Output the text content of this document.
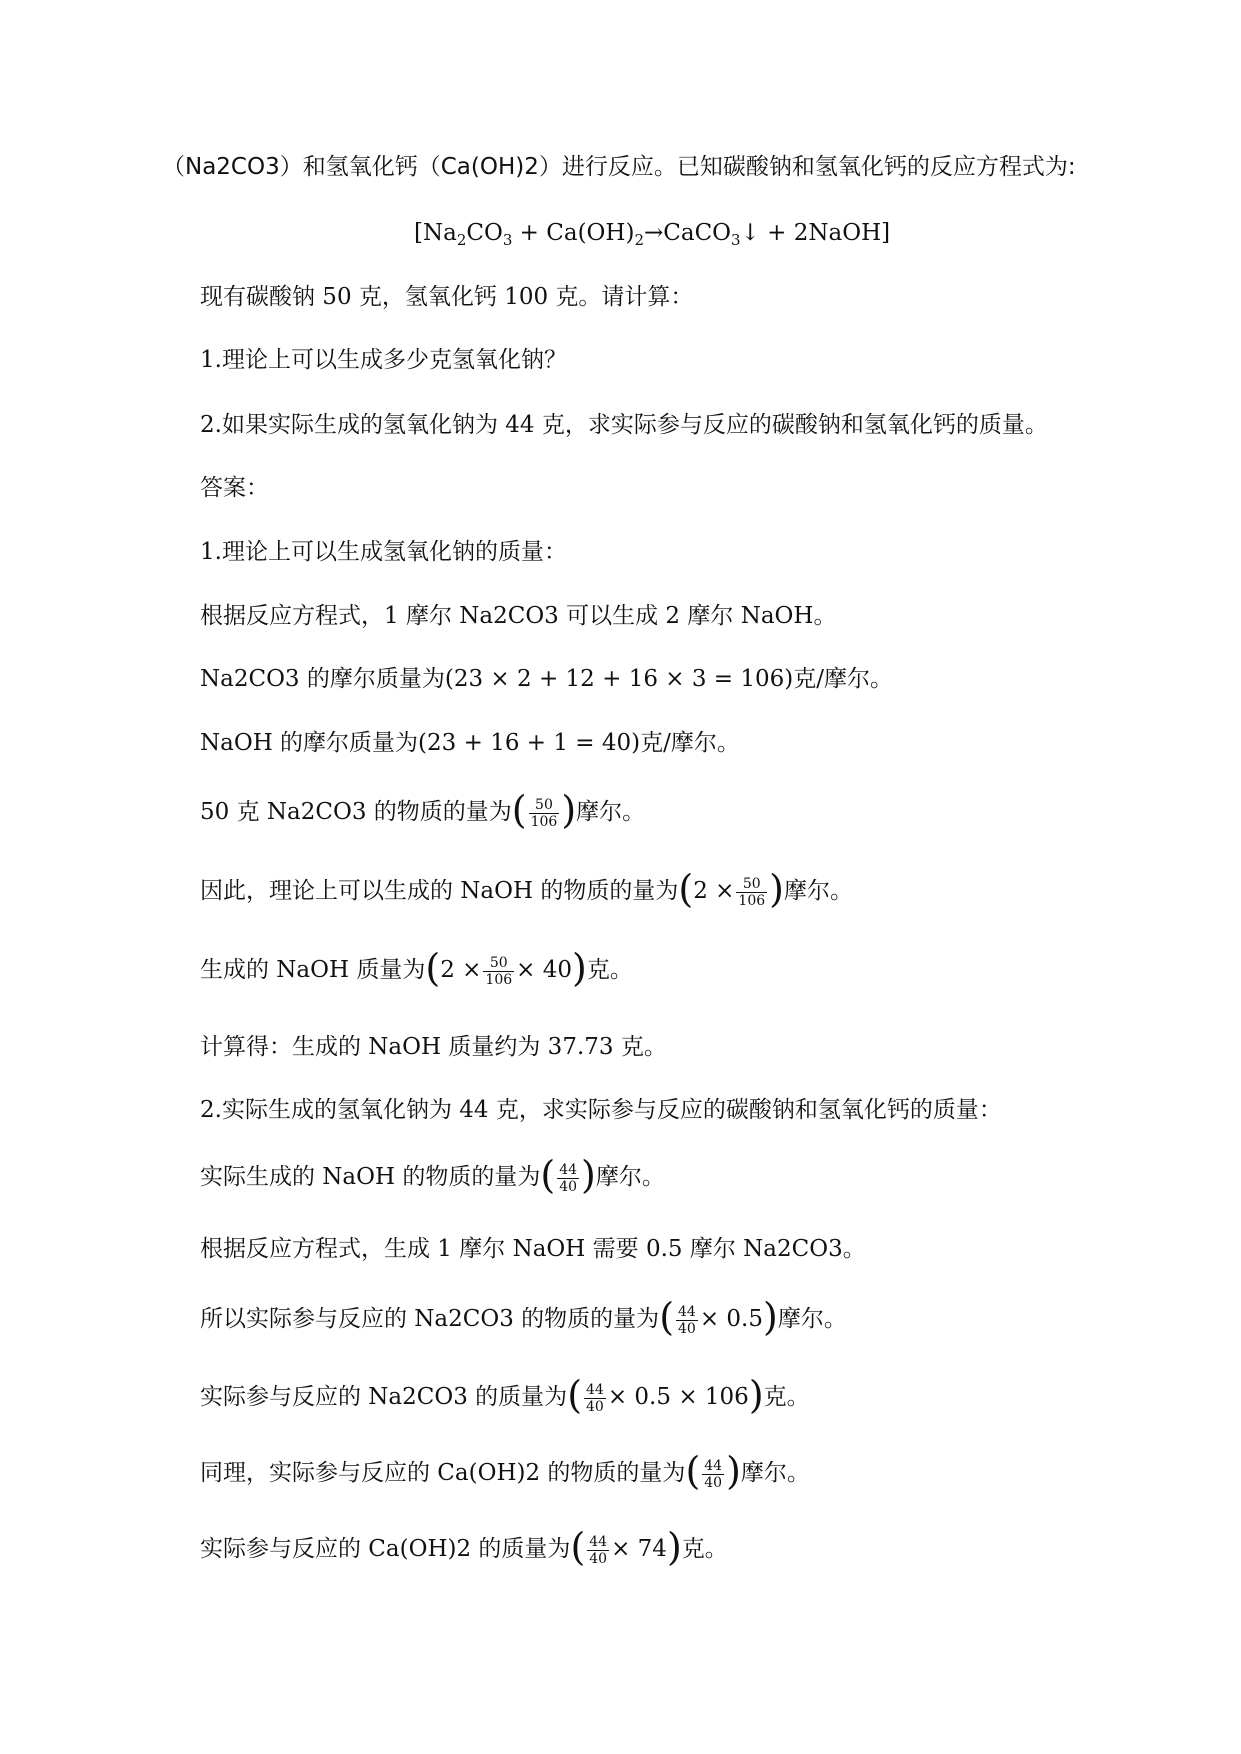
（Na2CO3）和氢氧化钙（Ca(OH)2）进行反应。已知碳酸钠和氢氧化钙的反应方程式为:
[$Na_2CO_3$ + $Ca(OH)_2\to CaCO_3↓$ + 2NaOH]
现有碳酸钠 50 克，氢氧化钙 100 克。请计算：
1.理论上可以生成多少克氢氧化钠？
2.如果实际生成的氢氧化钠为 44 克，求实际参与反应的碳酸钠和氢氧化钙的质量。
答案：
1.理论上可以生成氢氧化钠的质量：
根据反应方程式，1 摩尔 Na2CO3 可以生成 2 摩尔 NaOH。
Na2CO3 的摩尔质量为(23 × 2 + 12 + 16 × 3 = 106)克/摩尔。
NaOH 的摩尔质量为(23 + 16 + 1 = 40)克/摩尔。
50 克 Na2CO3 的物质的量为( $\frac{50}{106}$ )摩尔。
因此，理论上可以生成的 NaOH 的物质的量为($2 \times \frac{50}{106}$ )摩尔。
生成的 NaOH 质量为$(2 \times \frac{50}{106} \times 40)$克。
计算得：生成的 NaOH 质量约为 37.73 克。
2.实际生成的氢氧化钠为 44 克，求实际参与反应的碳酸钠和氢氧化钙的质量：
实际生成的 NaOH 的物质的量为( $\frac{44}{40}$ )摩尔。
根据反应方程式，生成 1 摩尔 NaOH 需要 0.5 摩尔 Na2CO3。
所以实际参与反应的 Na2CO3 的物质的量为( $\frac{44}{40} \times 0.5$)摩尔。
实际参与反应的 Na2CO3 的质量为( $\frac{44}{40} \times 0.5 \times 106$)克。
同理，实际参与反应的 Ca(OH)2 的物质的量为( $\frac{44}{40}$ )摩尔。
实际参与反应的 Ca(OH)2 的质量为( $\frac{44}{40} \times 74$)克。
